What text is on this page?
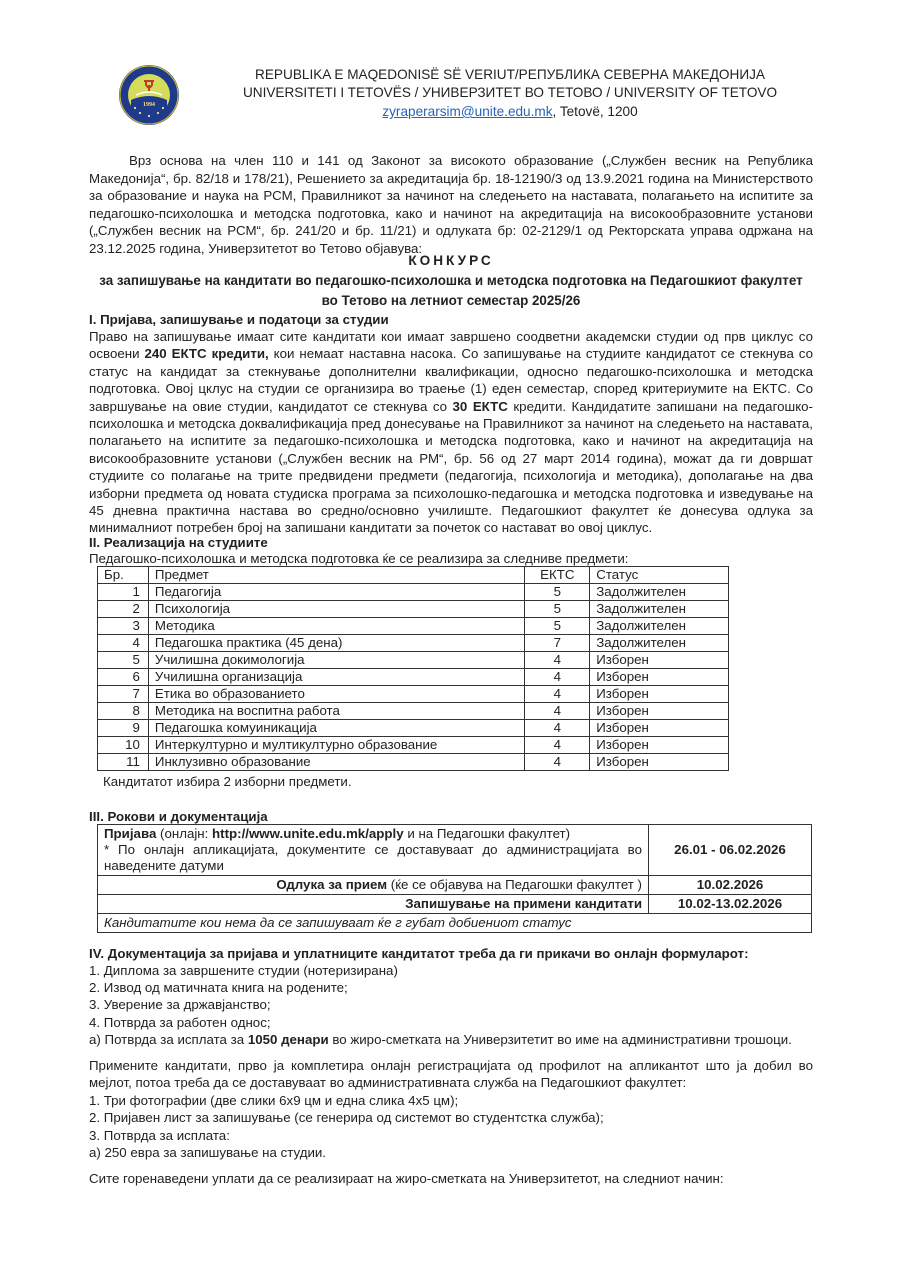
1994
REPUBLIKA E MAQEDONISË SË VERIUT/РЕПУБЛИКА СЕВЕРНА МАКЕДОНИЈА
UNIVERSITETI I TETOVËS / УНИВЕРЗИТЕТ ВО ТЕТОВО / UNIVERSITY OF TETOVO
zyraperarsim@unite.edu.mk, Tetovë, 1200

Врз основа на член 110 и 141 од Законот за високото образование („Службен весник на Република Македонија“, бр. 82/18 и 178/21), Решението за акредитација бр. 18-12190/3 од 13.9.2021 година на Министерството за образование и наука на РСМ, Правилникот за начинот на следењето на наставата, полагањето на испитите за педагошко-психолошка и методска подготовка, како и начинот на акредитација на високообразовните установи („Службен весник на РСМ“, бр. 241/20 и бр. 11/21) и одлуката бр: 02-2129/1 од Ректорската управа одржана на 23.12.2025 година, Универзитетот во Тетово објавува:

КОНКУРС
за запишување на кандитати во педагошко-психолошка и методска подготовка на Педагошкиот факултет
во Тетово на летниот семестар 2025/26
I. Пријава, запишување и податоци за студии

Право на запишување имаат сите кандитати кои имаат завршено соодветни академски студии од прв циклус со освоени 240 ЕКТС кредити, кои немаат наставна насока. Со запишување на студиите кандидатот се стекнува со статус на кандидат за стекнување дополнителни квалификации, односно педагошко-психолошка и методска подготовка. Овој цклус на студии се организира во траење (1) еден семестар, според критериумите на ЕКТС. Со завршување на овие студии, кандидатот се стекнува со 30 ЕКТС кредити. Кандидатите запишани на педагошко-психолошка и методска доквалификација пред донесување на Правилникот за начинот на следењето на наставата, полагањето на испитите за педагошко-психолошка и методска подготовка, како и начинот на акредитација на високообразовните установи („Службен весник на РМ“, бр. 56 од 27 март 2014 година), можат да ги довршат студиите со полагање на трите предвидени предмети (педагогија, психологија и методика), дополагање на два изборни предмета од новата студиска програма за психолошко-педагошка и методска подготовка и изведување на 45 дневна практична настава во средно/основно училиште. Педагошкиот факултет ќе донесува одлука за минималниот потребен број на запишани кандитати за почеток со настават во овој циклус.

II. Реализација на студиите
Педагошко-психолошка и методска подготовка ќе се реализира за следниве предмети:
Бр.	Предмет	ЕКТС	Статус
1	Педагогија	5	Задолжителен
2	Психологија	5	Задолжителен
3	Методика	5	Задолжителен
4	Педагошка практика (45 дена)	7	Задолжителен
5	Училишна докимологија	4	Изборен
6	Училишна организација	4	Изборен
7	Етика во образованието	4	Изборен
8	Методика на воспитна работа	4	Изборен
9	Педагошка комуиникација	4	Изборен
10	Интеркултурно и мултикултурно образование	4	Изборен
11	Инклузивно образование	4	Изборен
Кандитатот избира 2 изборни предмети.
III. Рокови и документација
Пријава (онлајн: http://www.unite.edu.mk/apply и на Педагошки факултет)

* По онлајн апликацијата, документите се доставуваат до администрацијата во наведените датуми	26.01 - 06.02.2026
Одлука за прием (ќе се објавува на Педагошки факултет )	10.02.2026
Запишување на примени кандитати	10.02-13.02.2026
Кандитатите кои нема да се запишуваат ќе г губат добиениот статус	
IV. Документација за пријава и уплатниците кандитатот треба да ги прикачи во онлајн формуларот:
1. Диплома за завршените студии (нотеризирана)
2. Извод од матичната книга на родените;
3. Уверение за државјанство;
4. Потврда за работен однос;
а) Потврда за исплата за 1050 денари во жиро-сметката на Универзитетит во име на административни трошоци.

Примените кандитати, прво ја комплетира онлајн регистрацијата од профилот на апликантот што ја добил во мејлот, потоа треба да се доставуваат во административната служба на Педагошкиот факултет:

1. Три фотографии (две слики 6х9 цм и една слика 4х5 цм);
2. Пријавен лист за запишување (се генерира од системот во студентстка служба);
3. Потврда за исплата:
а) 250 евра за запишување на студии.
Сите горенаведени уплати да се реализираат на жиро-сметката на Универзитетот, на следниот начин:
